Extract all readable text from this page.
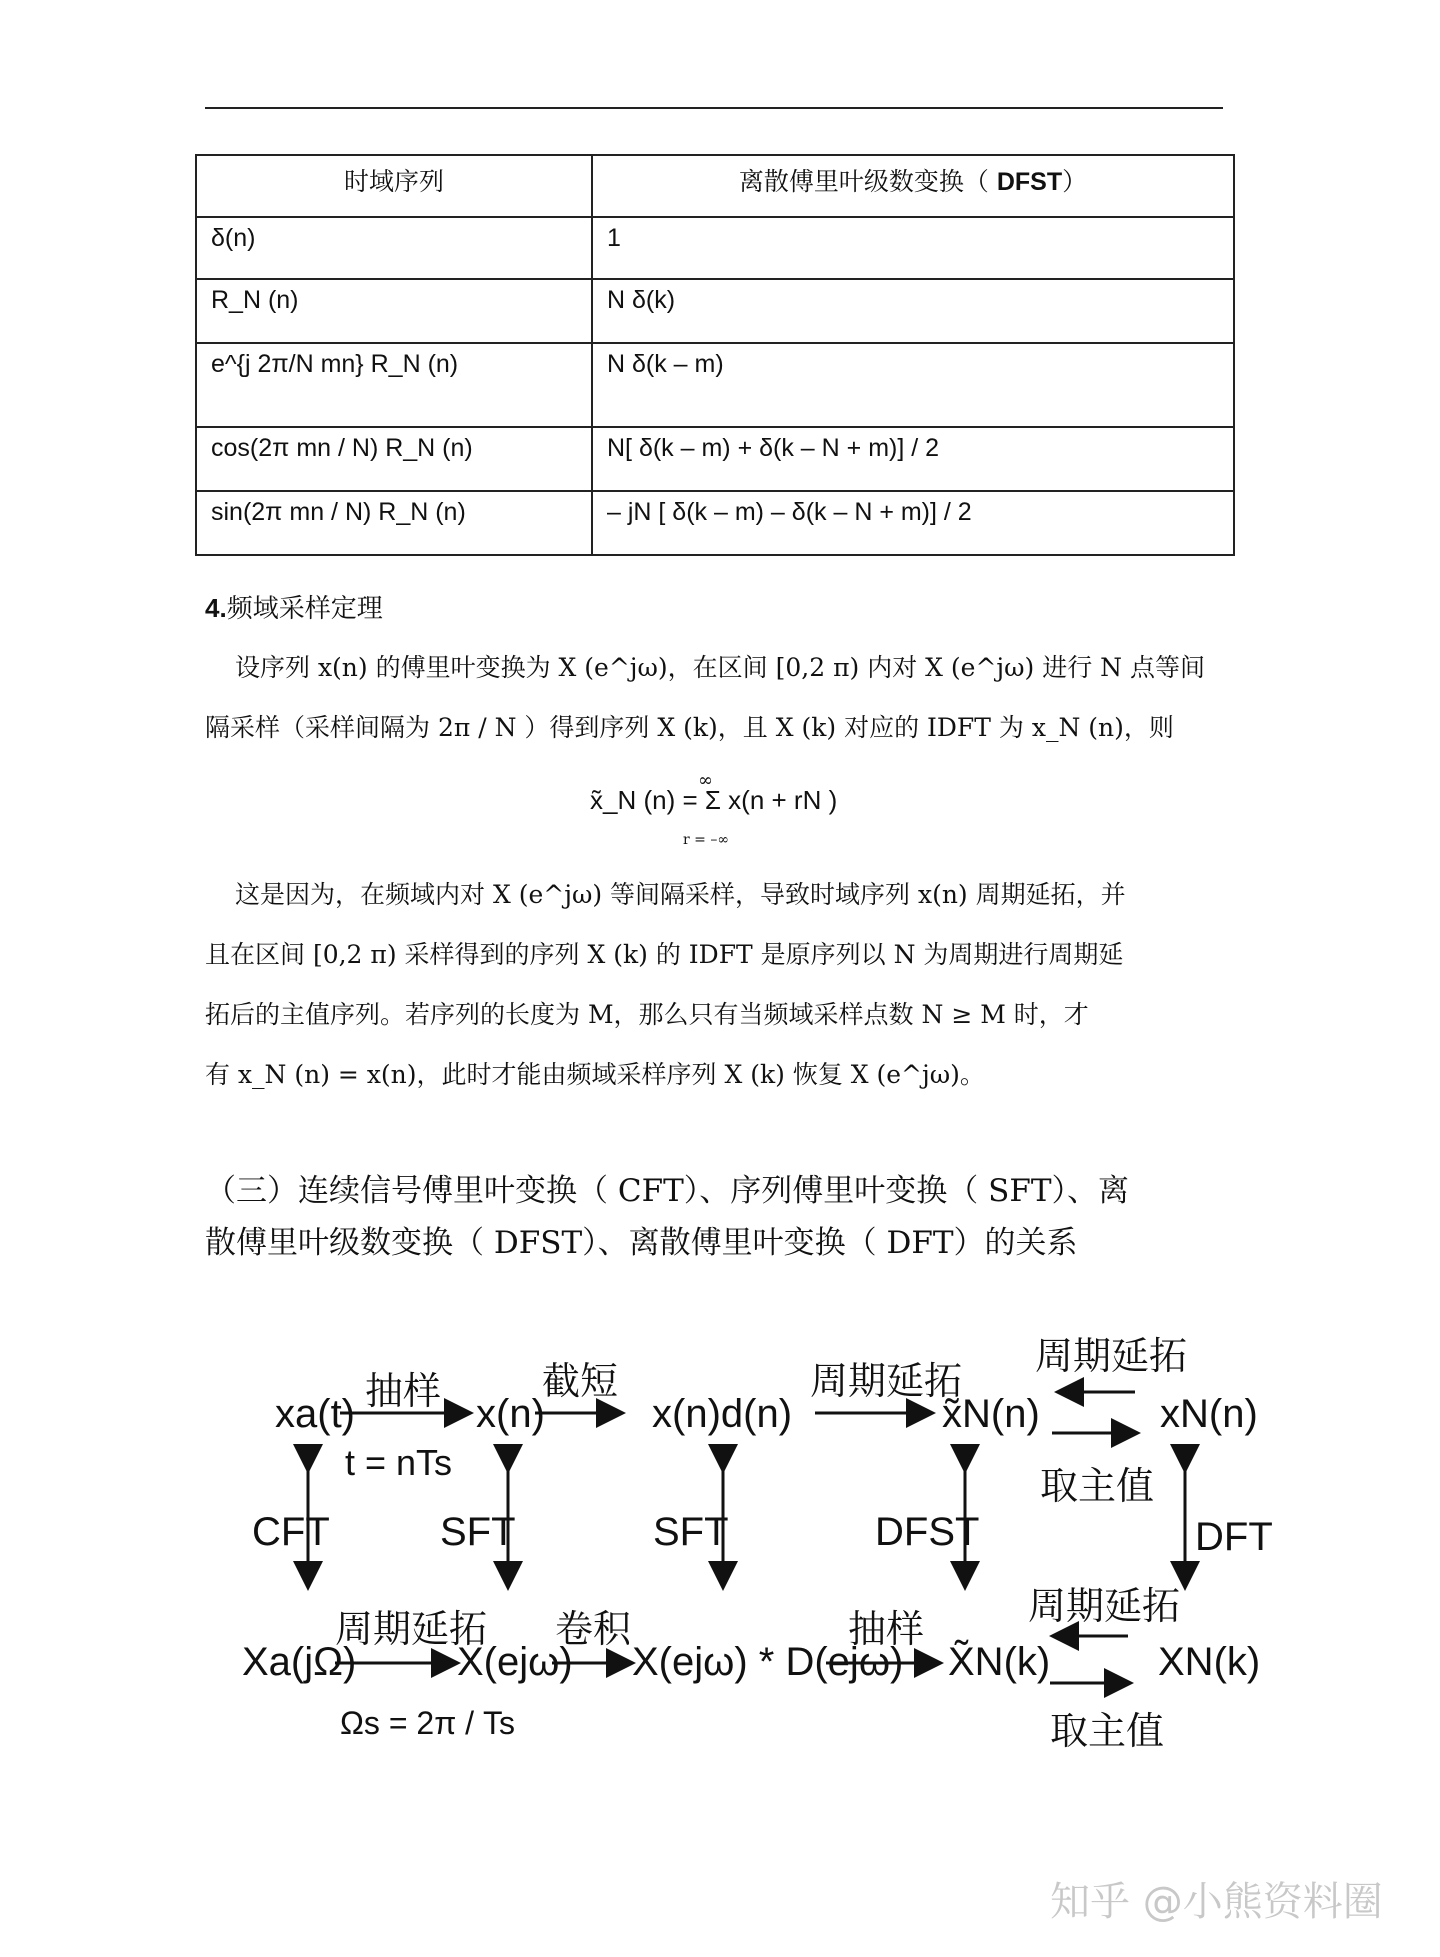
时域序列	离散傅里叶级数变换（ DFST）
δ(n)	1
R_N (n)	N δ(k)
e^{j 2π/N mn} R_N (n)	N δ(k – m)
cos(2π mn / N) R_N (n)	N[ δ(k – m) + δ(k – N + m)] / 2
sin(2π mn / N) R_N (n)	– jN [ δ(k – m) – δ(k – N + m)] / 2
4.频域采样定理
设序列 x(n) 的傅里叶变换为 X (e^jω)，在区间 [0,2 π) 内对 X (e^jω) 进行 N 点等间
隔采样（采样间隔为 2π / N ）得到序列 X (k)，且 X (k) 对应的 IDFT 为 x_N (n)，则
x̃_N (n) = Σ x(n + rN )
∞
r = –∞
这是因为，在频域内对 X (e^jω) 等间隔采样，导致时域序列 x(n) 周期延拓，并
且在区间 [0,2 π) 采样得到的序列 X (k) 的 IDFT 是原序列以 N 为周期进行周期延
拓后的主值序列。若序列的长度为 M，那么只有当频域采样点数 N ≥ M 时，才
有 x_N (n) = x(n)，此时才能由频域采样序列 X (k) 恢复 X (e^jω)。
（三）连续信号傅里叶变换（ CFT）、序列傅里叶变换（ SFT）、离
散傅里叶级数变换（ DFST）、离散傅里叶变换（ DFT）的关系
xa(t)	x(n)	x(n)d(n)	x̃N(n)	xN(n)
抽样	截短	周期延拓
周期延拓
取主值
t = nTs
CFT	SFT	SFT	DFST	DFT
Xa(jΩ)	X(ejω) X(ejω) * D(ejω) X̃N(k)	XN(k)
周期延拓 卷积	抽样
周期延拓
取主值
Ωs = 2π / Ts
知乎 @小熊资料圈
